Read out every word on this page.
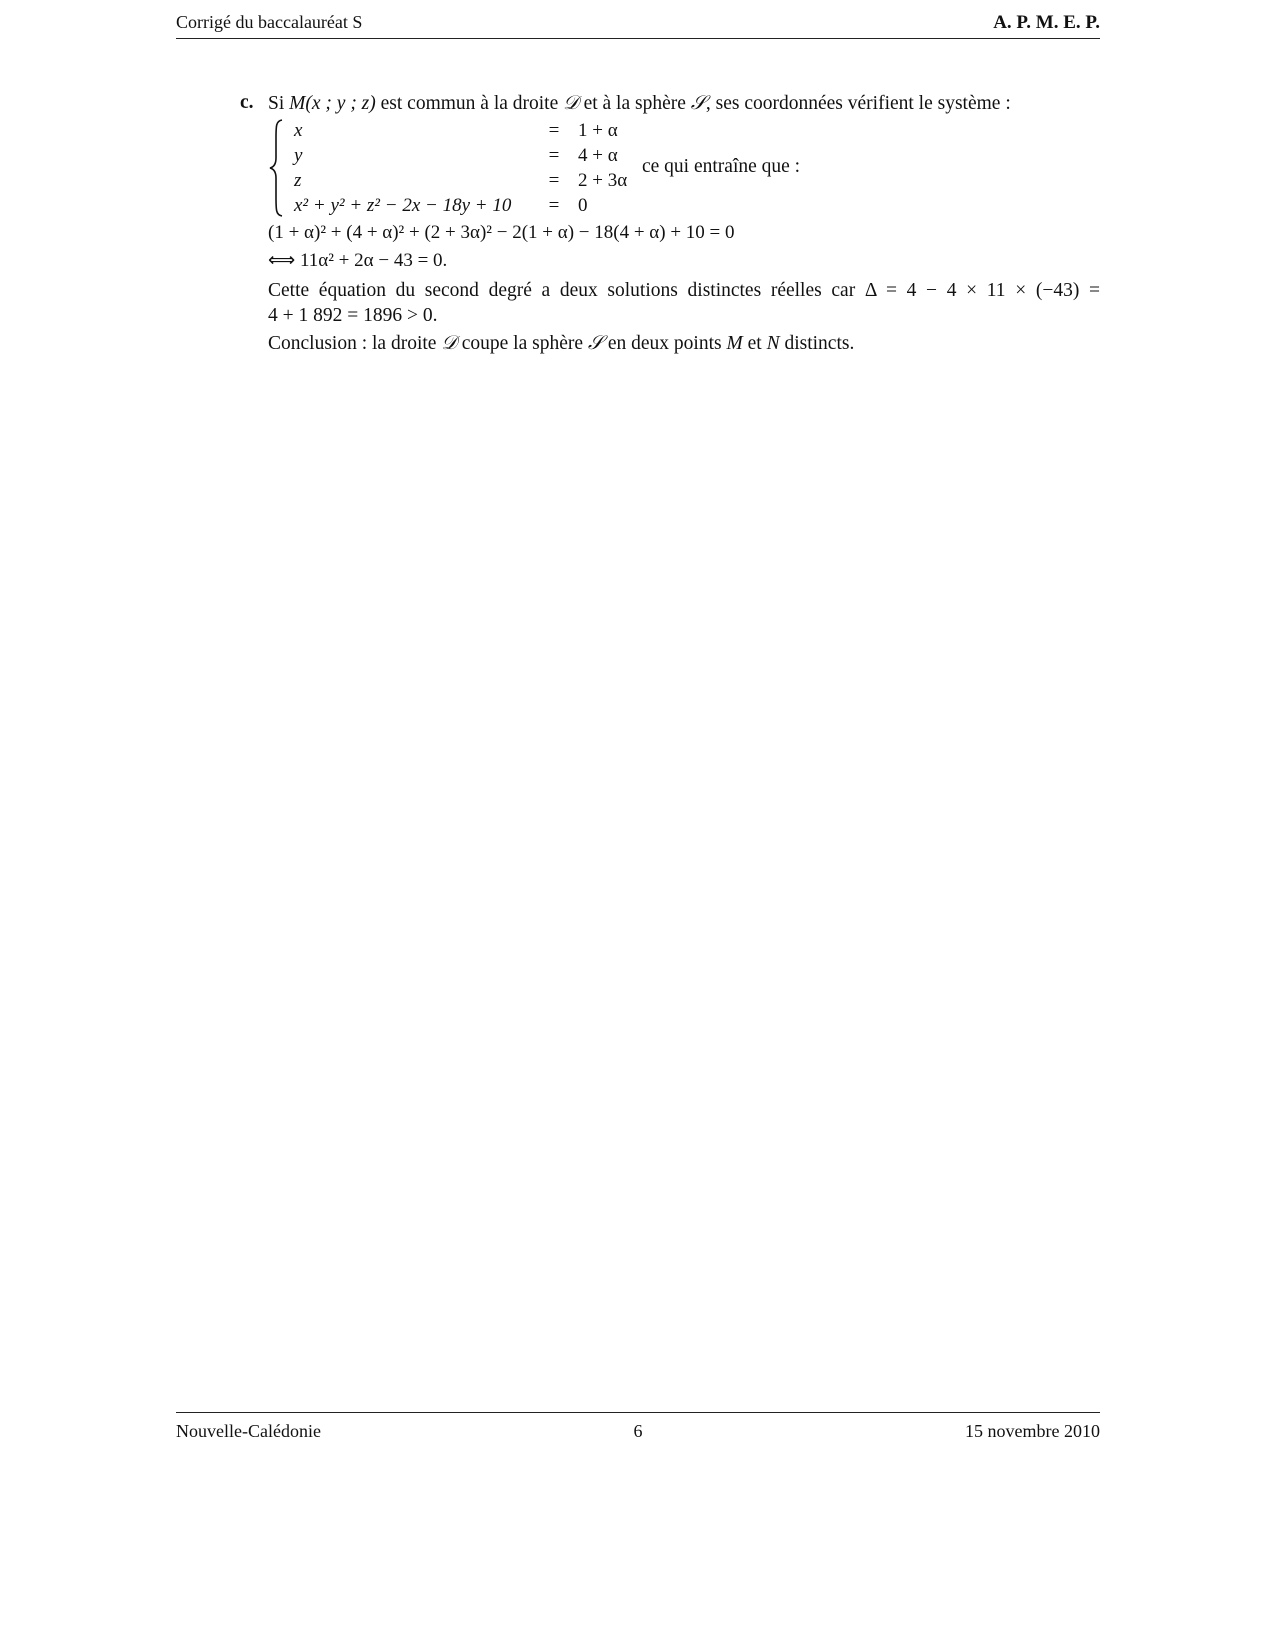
Corrigé du baccalauréat S	A. P. M. E. P.
c. Si M(x ; y ; z) est commun à la droite 𝒟 et à la sphère 𝒮, ses coordonnées vérifient le système :
x	=	1 + α
y	=	4 + α
z	=	2 + 3α
x² + y² + z² − 2x − 18y + 10	=	0
ce qui entraîne que :
(1 + α)² + (4 + α)² + (2 + 3α)² − 2(1 + α) − 18(4 + α) + 10 = 0
⟺ 11α² + 2α − 43 = 0.
Cette équation du second degré a deux solutions distinctes réelles car Δ = 4 − 4 × 11 × (−43) =
4 + 1 892 = 1896 > 0.
Conclusion : la droite 𝒟 coupe la sphère 𝒮 en deux points M et N distincts.
Nouvelle-Calédonie	6	15 novembre 2010
